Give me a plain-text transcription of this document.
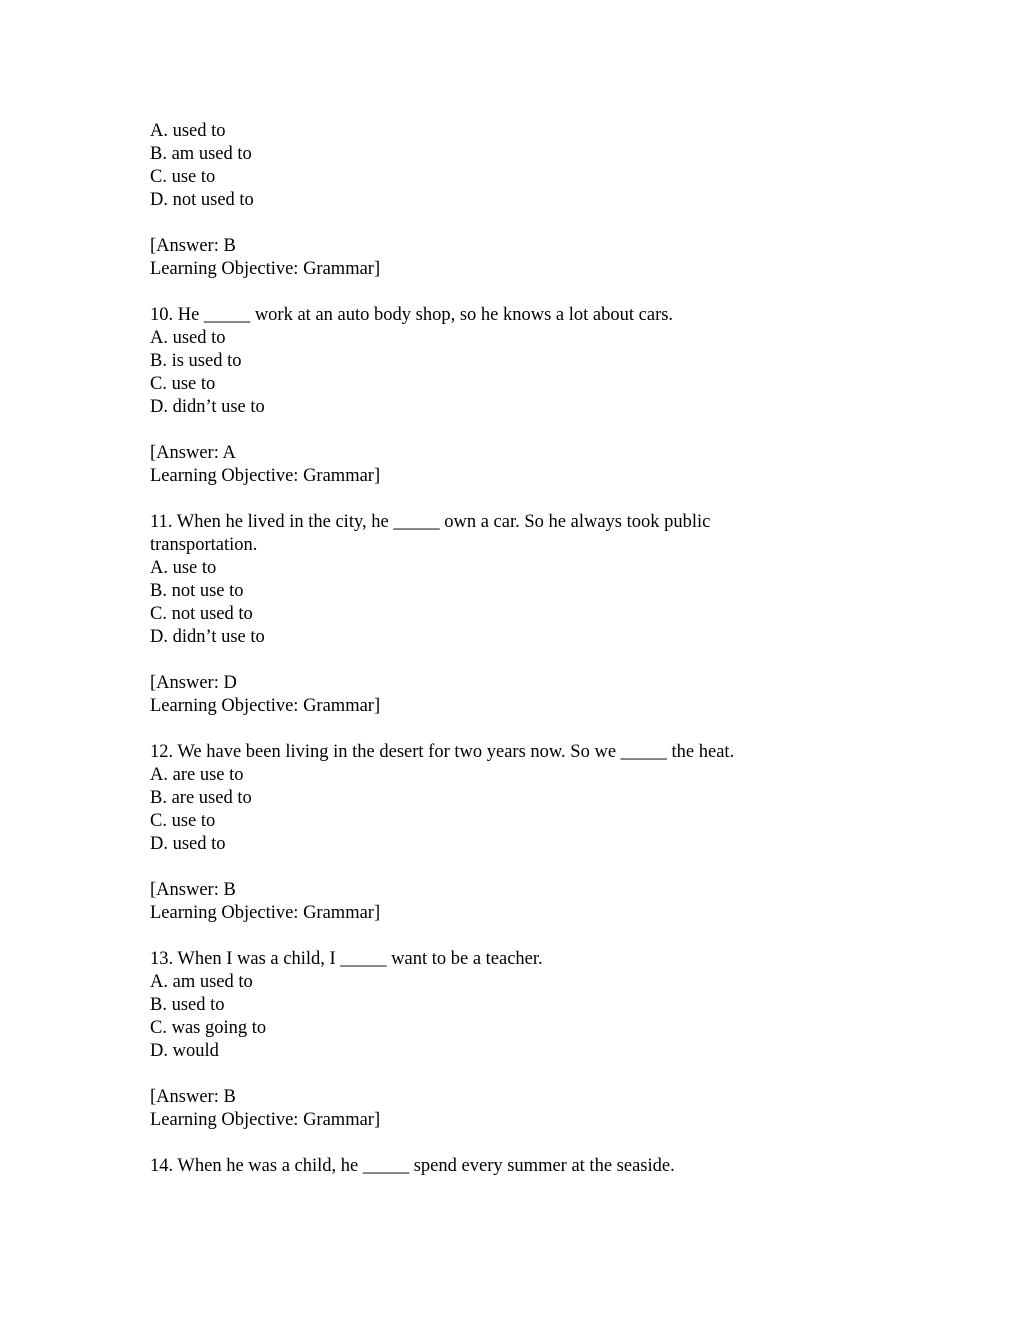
A. used to
B. am used to
C. use to
D. not used to
[Answer: B
Learning Objective: Grammar]
10. He _____ work at an auto body shop, so he knows a lot about cars.
A. used to
B. is used to
C. use to
D. didn’t use to
[Answer: A
Learning Objective: Grammar]
11. When he lived in the city, he _____ own a car. So he always took public
transportation.
A. use to
B. not use to
C. not used to
D. didn’t use to
[Answer: D
Learning Objective: Grammar]
12. We have been living in the desert for two years now. So we _____ the heat.
A. are use to
B. are used to
C. use to
D. used to
[Answer: B
Learning Objective: Grammar]
13. When I was a child, I _____ want to be a teacher.
A. am used to
B. used to
C. was going to
D. would
[Answer: B
Learning Objective: Grammar]
14. When he was a child, he _____ spend every summer at the seaside.
